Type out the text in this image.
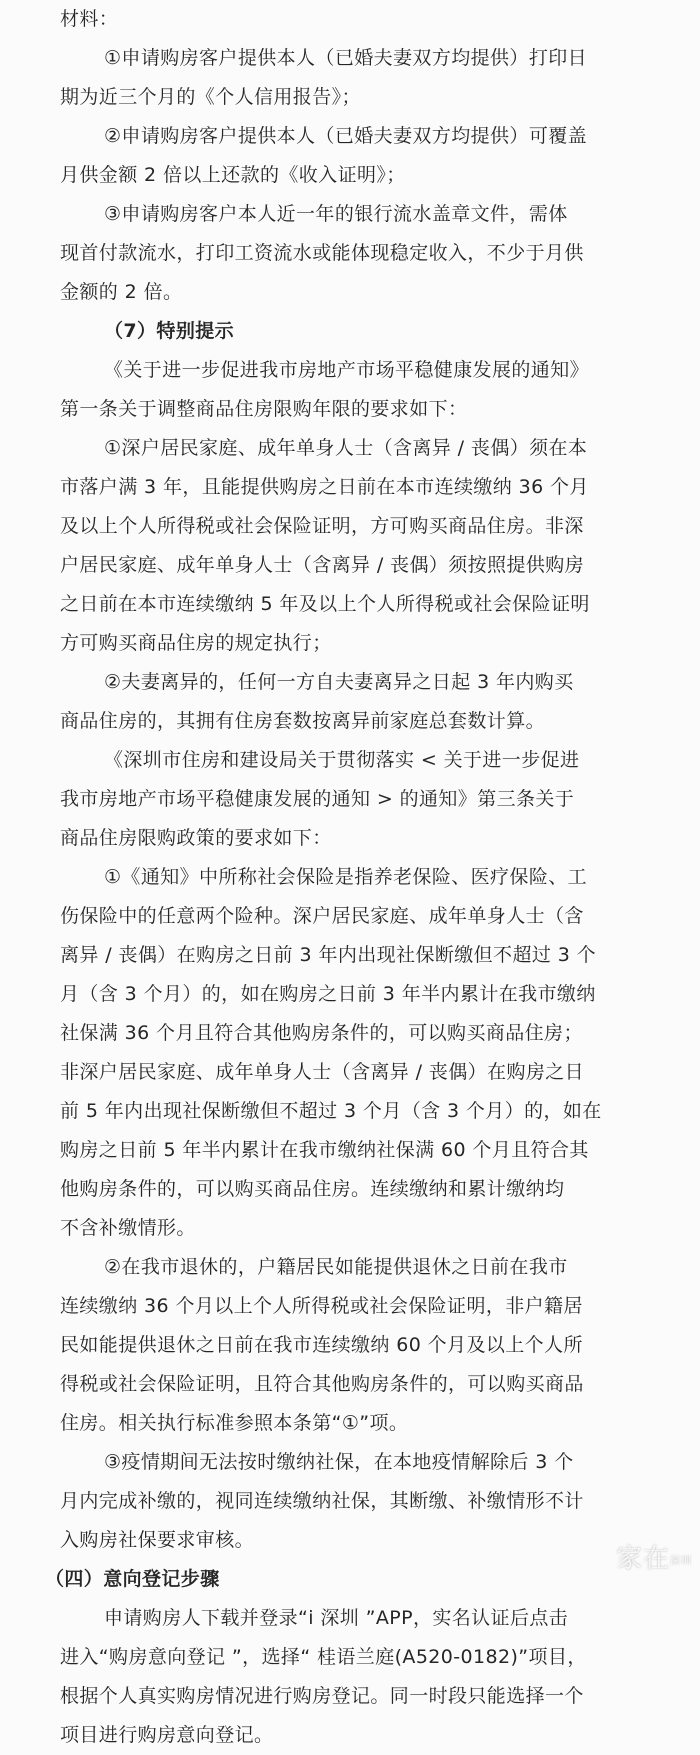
材料：
①申请购房客户提供本人（已婚夫妻双方均提供）打印日
期为近三个月的《个人信用报告》；
②申请购房客户提供本人（已婚夫妻双方均提供）可覆盖
月供金额 2 倍以上还款的《收入证明》；
③申请购房客户本人近一年的银行流水盖章文件，需体
现首付款流水，打印工资流水或能体现稳定收入，不少于月供
金额的 2 倍。
（7）特别提示
《关于进一步促进我市房地产市场平稳健康发展的通知》
第一条关于调整商品住房限购年限的要求如下：
①深户居民家庭、成年单身人士（含离异 / 丧偶）须在本
市落户满 3 年，且能提供购房之日前在本市连续缴纳 36 个月
及以上个人所得税或社会保险证明，方可购买商品住房。非深
户居民家庭、成年单身人士（含离异 / 丧偶）须按照提供购房
之日前在本市连续缴纳 5 年及以上个人所得税或社会保险证明
方可购买商品住房的规定执行；
②夫妻离异的，任何一方自夫妻离异之日起 3 年内购买
商品住房的，其拥有住房套数按离异前家庭总套数计算。
《深圳市住房和建设局关于贯彻落实 < 关于进一步促进
我市房地产市场平稳健康发展的通知 > 的通知》第三条关于
商品住房限购政策的要求如下：
①《通知》中所称社会保险是指养老保险、医疗保险、工
伤保险中的任意两个险种。深户居民家庭、成年单身人士（含
离异 / 丧偶）在购房之日前 3 年内出现社保断缴但不超过 3 个
月（含 3 个月）的，如在购房之日前 3 年半内累计在我市缴纳
社保满 36 个月且符合其他购房条件的，可以购买商品住房；
非深户居民家庭、成年单身人士（含离异 / 丧偶）在购房之日
前 5 年内出现社保断缴但不超过 3 个月（含 3 个月）的，如在
购房之日前 5 年半内累计在我市缴纳社保满 60 个月且符合其
他购房条件的，可以购买商品住房。连续缴纳和累计缴纳均
不含补缴情形。
②在我市退休的，户籍居民如能提供退休之日前在我市
连续缴纳 36 个月以上个人所得税或社会保险证明，非户籍居
民如能提供退休之日前在我市连续缴纳 60 个月及以上个人所
得税或社会保险证明，且符合其他购房条件的，可以购买商品
住房。相关执行标准参照本条第“①”项。
③疫情期间无法按时缴纳社保，在本地疫情解除后 3 个
月内完成补缴的，视同连续缴纳社保，其断缴、补缴情形不计
入购房社保要求审核。
（四）意向登记步骤
申请购房人下载并登录“i 深圳 ”APP，实名认证后点击
进入“购房意向登记 ”，选择“ 桂语兰庭(A520-0182)”项目，
根据个人真实购房情况进行购房登记。同一时段只能选择一个
项目进行购房意向登记。
家在深圳
